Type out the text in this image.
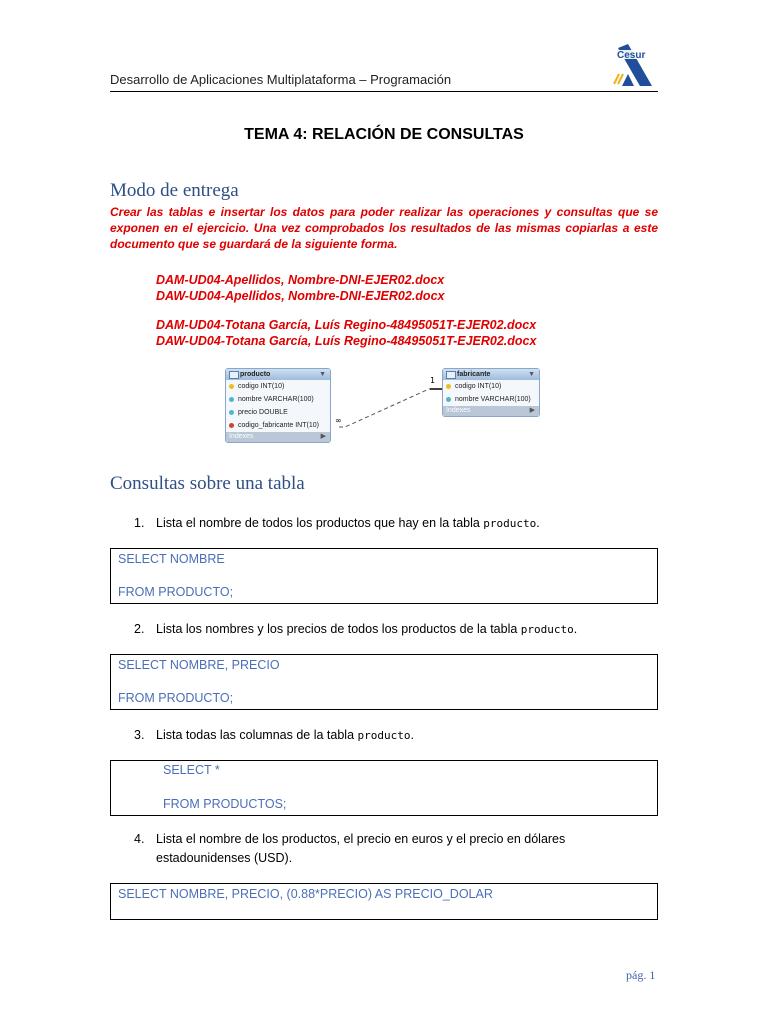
Desarrollo de Aplicaciones Multiplataforma – Programación
Cesur
TEMA 4: RELACIÓN DE CONSULTAS
Modo de entrega
Crear las tablas e insertar los datos para poder realizar las operaciones y consultas que se exponen en el ejercicio. Una vez comprobados los resultados de las mismas copiarlas a este documento que se guardará de la siguiente forma.
DAM-UD04-Apellidos, Nombre-DNI-EJER02.docx
DAW-UD04-Apellidos, Nombre-DNI-EJER02.docx
DAM-UD04-Totana García, Luís Regino-48495051T-EJER02.docx
DAW-UD04-Totana García, Luís Regino-48495051T-EJER02.docx
∞
1
producto	▼
codigo INT(10)
nombre VARCHAR(100)
precio DOUBLE
codigo_fabricante INT(10)
Indexes	▶
fabricante	▼
codigo INT(10)
nombre VARCHAR(100)
Indexes	▶
Consultas sobre una tabla
1. Lista el nombre de todos los productos que hay en la tabla producto.
SELECT NOMBRE
FROM PRODUCTO;
2. Lista los nombres y los precios de todos los productos de la tabla producto.
SELECT NOMBRE, PRECIO
FROM PRODUCTO;
3. Lista todas las columnas de la tabla producto.
SELECT *
FROM PRODUCTOS;
4. Lista el nombre de los productos, el precio en euros y el precio en dólares
estadounidenses (USD).
SELECT NOMBRE, PRECIO, (0.88*PRECIO) AS PRECIO_DOLAR
pág. 1
